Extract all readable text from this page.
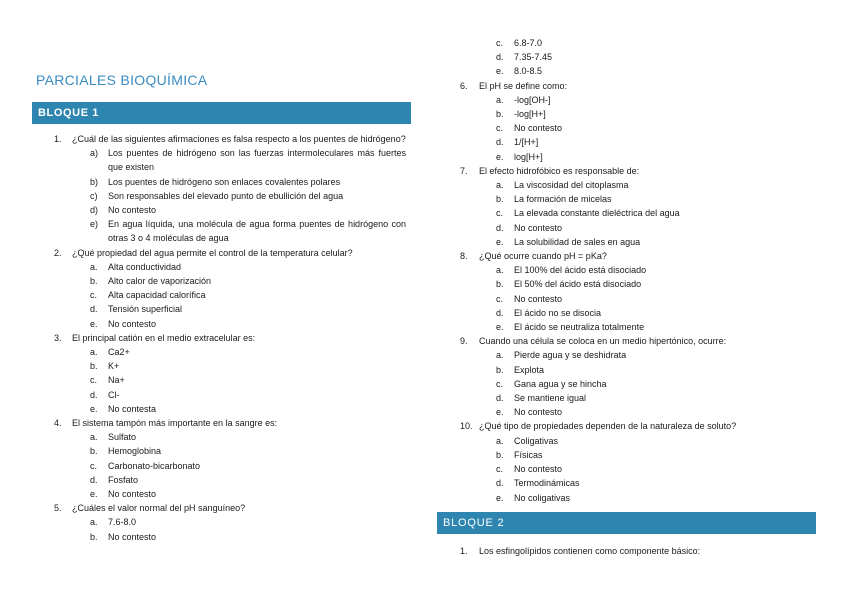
PARCIALES BIOQUÍMICA
BLOQUE 1
1. ¿Cuál de las siguientes afirmaciones es falsa respecto a los puentes de hidrógeno?
a) Los puentes de hidrógeno son las fuerzas intermoleculares más fuertes que existen
b) Los puentes de hidrógeno son enlaces covalentes polares
c) Son responsables del elevado punto de ebullición del agua
d) No contesto
e) En agua líquida, una molécula de agua forma puentes de hidrógeno con otras 3 o 4 moléculas de agua
2. ¿Qué propiedad del agua permite el control de la temperatura celular?
a. Alta conductividad
b. Alto calor de vaporización
c. Alta capacidad calorífica
d. Tensión superficial
e. No contesto
3. El principal catión en el medio extracelular es:
a. Ca2+
b. K+
c. Na+
d. Cl-
e. No contesta
4. El sistema tampón más importante en la sangre es:
a. Sulfato
b. Hemoglobina
c. Carbonato-bicarbonato
d. Fosfato
e. No contesto
5. ¿Cuáles el valor normal del pH sanguíneo?
a. 7.6-8.0
b. No contesto
c. 6.8-7.0
d. 7.35-7.45
e. 8.0-8.5
6. El pH se define como:
a. -log[OH-]
b. -log[H+]
c. No contesto
d. 1/[H+]
e. log[H+]
7. El efecto hidrofóbico es responsable de:
a. La viscosidad del citoplasma
b. La formación de micelas
c. La elevada constante dieléctrica del agua
d. No contesto
e. La solubilidad de sales en agua
8. ¿Qué ocurre cuando pH = pKa?
a. El 100% del ácido está disociado
b. El 50% del ácido está disociado
c. No contesto
d. El ácido no se disocia
e. El ácido se neutraliza totalmente
9. Cuando una célula se coloca en un medio hipertónico, ocurre:
a. Pierde agua y se deshidrata
b. Explota
c. Gana agua y se hincha
d. Se mantiene igual
e. No contesto
10. ¿Qué tipo de propiedades dependen de la naturaleza de soluto?
a. Coligativas
b. Físicas
c. No contesto
d. Termodinámicas
e. No coligativas
BLOQUE 2
1. Los esfingolípidos contienen como componente básico:
